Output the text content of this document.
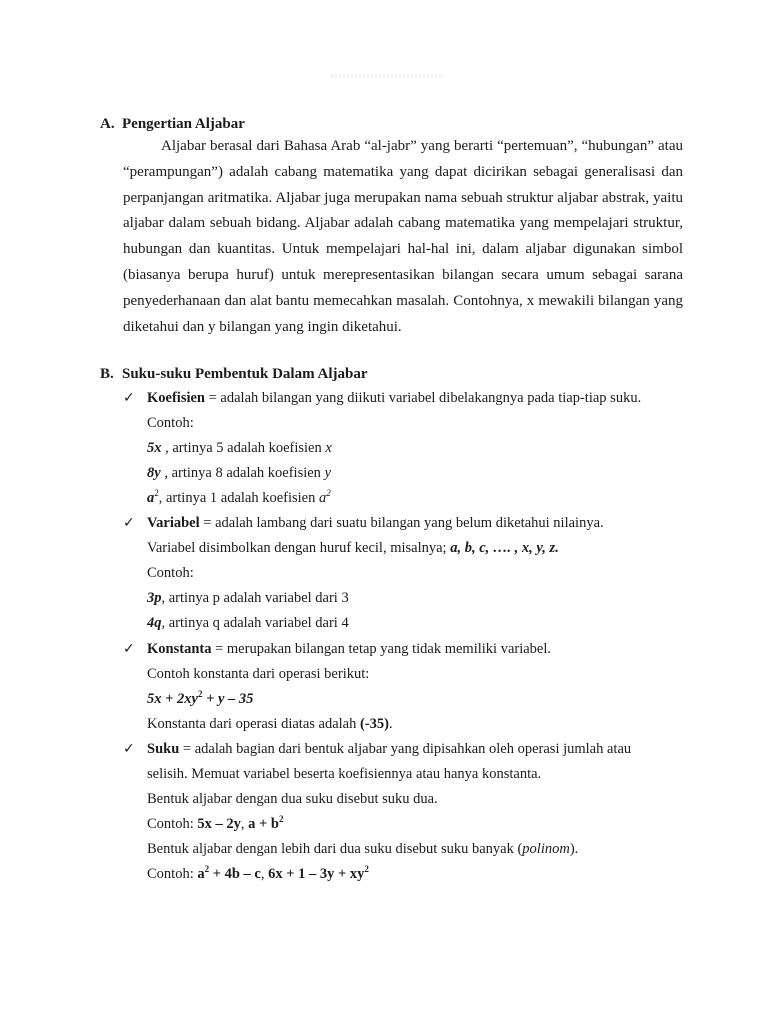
xxxxxxxxxxxxxxxxxxxxxxxxxxxx
A. Pengertian Aljabar

Aljabar berasal dari Bahasa Arab “al-jabr” yang berarti “pertemuan”, “hubungan” atau “perampungan”) adalah cabang matematika yang dapat dicirikan sebagai generalisasi dan perpanjangan aritmatika. Aljabar juga merupakan nama sebuah struktur aljabar abstrak, yaitu aljabar dalam sebuah bidang. Aljabar adalah cabang matematika yang mempelajari struktur, hubungan dan kuantitas. Untuk mempelajari hal-hal ini, dalam aljabar digunakan simbol (biasanya berupa huruf) untuk merepresentasikan bilangan secara umum sebagai sarana penyederhanaan dan alat bantu memecahkan masalah. Contohnya, x mewakili bilangan yang diketahui dan y bilangan yang ingin diketahui.

B. Suku-suku Pembentuk Dalam Aljabar
✓ Koefisien = adalah bilangan yang diikuti variabel dibelakangnya pada tiap-tiap suku.
Contoh:
5x , artinya 5 adalah koefisien x
8y , artinya 8 adalah koefisien y
$a^2$, artinya 1 adalah koefisien $a^2$
✓ Variabel = adalah lambang dari suatu bilangan yang belum diketahui nilainya.
Variabel disimbolkan dengan huruf kecil, misalnya; a, b, c, …. , x, y, z.
Contoh:
3p, artinya p adalah variabel dari 3
4q, artinya q adalah variabel dari 4
✓ Konstanta = merupakan bilangan tetap yang tidak memiliki variabel.
Contoh konstanta dari operasi berikut:
$5x + 2xy^2 + y - 35$
Konstanta dari operasi diatas adalah (-35).
✓ Suku = adalah bagian dari bentuk aljabar yang dipisahkan oleh operasi jumlah atau
selisih. Memuat variabel beserta koefisiennya atau hanya konstanta.
Bentuk aljabar dengan dua suku disebut suku dua.
Contoh: 5x – 2y, $a + b^2$
Bentuk aljabar dengan lebih dari dua suku disebut suku banyak (polinom).
Contoh: $a^2 + 4b - c$, $6x + 1 - 3y + xy^2$
